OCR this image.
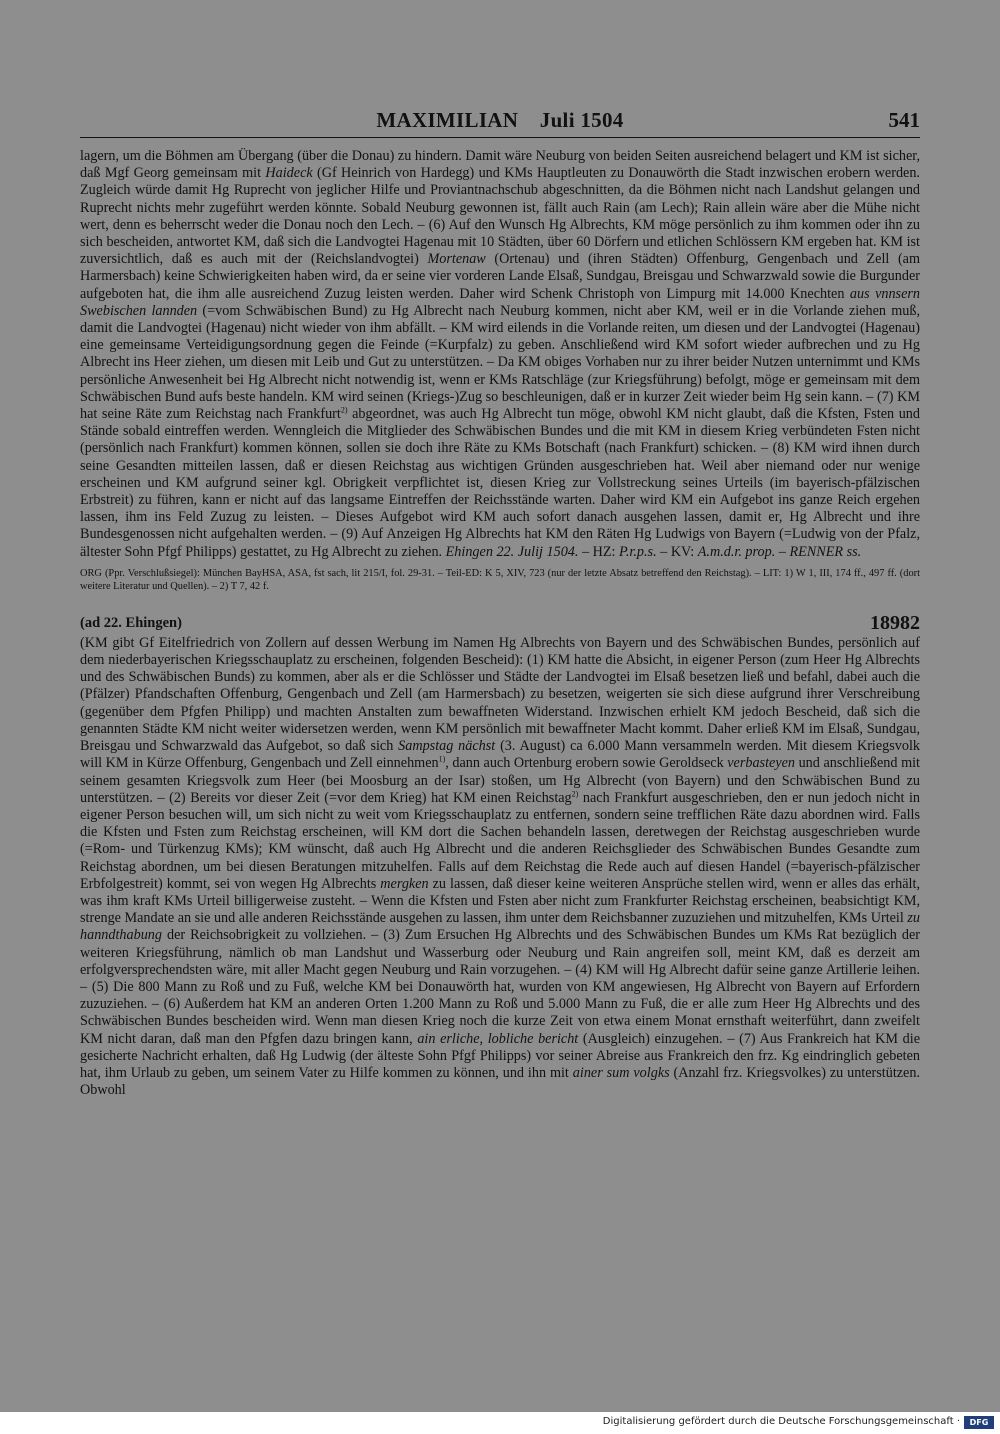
MAXIMILIAN Juli 1504	541

lagern, um die Böhmen am Übergang (über die Donau) zu hindern. Damit wäre Neuburg von beiden Seiten ausreichend belagert und KM ist sicher, daß Mgf Georg gemeinsam mit Haideck (Gf Heinrich von Hardegg) und KMs Hauptleuten zu Donauwörth die Stadt inzwischen erobern werden. Zugleich würde damit Hg Ruprecht von jeglicher Hilfe und Proviantnachschub abgeschnitten, da die Böhmen nicht nach Landshut gelangen und Ruprecht nichts mehr zugeführt werden könnte. Sobald Neuburg gewonnen ist, fällt auch Rain (am Lech); Rain allein wäre aber die Mühe nicht wert, denn es beherrscht weder die Donau noch den Lech. – (6) Auf den Wunsch Hg Albrechts, KM möge persönlich zu ihm kommen oder ihn zu sich bescheiden, antwortet KM, daß sich die Landvogtei Hagenau mit 10 Städten, über 60 Dörfern und etlichen Schlössern KM ergeben hat. KM ist zuversichtlich, daß es auch mit der (Reichslandvogtei) Mortenaw (Ortenau) und (ihren Städten) Offenburg, Gengenbach und Zell (am Harmersbach) keine Schwierigkeiten haben wird, da er seine vier vorderen Lande Elsaß, Sundgau, Breisgau und Schwarzwald sowie die Burgunder aufgeboten hat, die ihm alle ausreichend Zuzug leisten werden. Daher wird Schenk Christoph von Limpurg mit 14.000 Knechten aus vnnsern Swebischen lannden (=vom Schwäbischen Bund) zu Hg Albrecht nach Neuburg kommen, nicht aber KM, weil er in die Vorlande ziehen muß, damit die Landvogtei (Hagenau) nicht wieder von ihm abfällt. – KM wird eilends in die Vorlande reiten, um diesen und der Landvogtei (Hagenau) eine gemeinsame Verteidigungsordnung gegen die Feinde (=Kurpfalz) zu geben. Anschließend wird KM sofort wieder aufbrechen und zu Hg Albrecht ins Heer ziehen, um diesen mit Leib und Gut zu unterstützen. – Da KM obiges Vorhaben nur zu ihrer beider Nutzen unternimmt und KMs persönliche Anwesenheit bei Hg Albrecht nicht notwendig ist, wenn er KMs Ratschläge (zur Kriegsführung) befolgt, möge er gemeinsam mit dem Schwäbischen Bund aufs beste handeln. KM wird seinen (Kriegs-)Zug so beschleunigen, daß er in kurzer Zeit wieder beim Hg sein kann. – (7) KM hat seine Räte zum Reichstag nach Frankfurt$^{2)}$ abgeordnet, was auch Hg Albrecht tun möge, obwohl KM nicht glaubt, daß die Kfsten, Fsten und Stände sobald eintreffen werden. Wenngleich die Mitglieder des Schwäbischen Bundes und die mit KM in diesem Krieg verbündeten Fsten nicht (persönlich nach Frankfurt) kommen können, sollen sie doch ihre Räte zu KMs Botschaft (nach Frankfurt) schicken. – (8) KM wird ihnen durch seine Gesandten mitteilen lassen, daß er diesen Reichstag aus wichtigen Gründen ausgeschrieben hat. Weil aber niemand oder nur wenige erscheinen und KM aufgrund seiner kgl. Obrigkeit verpflichtet ist, diesen Krieg zur Vollstreckung seines Urteils (im bayerisch-pfälzischen Erbstreit) zu führen, kann er nicht auf das langsame Eintreffen der Reichsstände warten. Daher wird KM ein Aufgebot ins ganze Reich ergehen lassen, ihm ins Feld Zuzug zu leisten. – Dieses Aufgebot wird KM auch sofort danach ausgehen lassen, damit er, Hg Albrecht und ihre Bundesgenossen nicht aufgehalten werden. – (9) Auf Anzeigen Hg Albrechts hat KM den Räten Hg Ludwigs von Bayern (=Ludwig von der Pfalz, ältester Sohn Pfgf Philipps) gestattet, zu Hg Albrecht zu ziehen. Ehingen 22. Julij 1504. – HZ: P.r.p.s. – KV: A.m.d.r. prop. – RENNER ss.

ORG (Ppr. Verschlußsiegel): München BayHSA, ASA, fst sach, lit 215/I, fol. 29-31. – Teil-ED: K 5, XIV, 723 (nur der letzte Absatz betreffend den Reichstag). – LIT: 1) W 1, III, 174 ff., 497 ff. (dort weitere Literatur und Quellen). – 2) T 7, 42 f.

(ad 22. Ehingen)	18982

(KM gibt Gf Eitelfriedrich von Zollern auf dessen Werbung im Namen Hg Albrechts von Bayern und des Schwäbischen Bundes, persönlich auf dem niederbayerischen Kriegsschauplatz zu erscheinen, folgenden Bescheid): (1) KM hatte die Absicht, in eigener Person (zum Heer Hg Albrechts und des Schwäbischen Bunds) zu kommen, aber als er die Schlösser und Städte der Landvogtei im Elsaß besetzen ließ und befahl, dabei auch die (Pfälzer) Pfandschaften Offenburg, Gengenbach und Zell (am Harmersbach) zu besetzen, weigerten sie sich diese aufgrund ihrer Verschreibung (gegenüber dem Pfgfen Philipp) und machten Anstalten zum bewaffneten Widerstand. Inzwischen erhielt KM jedoch Bescheid, daß sich die genannten Städte KM nicht weiter widersetzen werden, wenn KM persönlich mit bewaffneter Macht kommt. Daher erließ KM im Elsaß, Sundgau, Breisgau und Schwarzwald das Aufgebot, so daß sich Sampstag nächst (3. August) ca 6.000 Mann versammeln werden. Mit diesem Kriegsvolk will KM in Kürze Offenburg, Gengenbach und Zell einnehmen$^{1)}$, dann auch Ortenburg erobern sowie Geroldseck verbasteyen und anschließend mit seinem gesamten Kriegsvolk zum Heer (bei Moosburg an der Isar) stoßen, um Hg Albrecht (von Bayern) und den Schwäbischen Bund zu unterstützen. – (2) Bereits vor dieser Zeit (=vor dem Krieg) hat KM einen Reichstag$^{2)}$ nach Frankfurt ausgeschrieben, den er nun jedoch nicht in eigener Person besuchen will, um sich nicht zu weit vom Kriegsschauplatz zu entfernen, sondern seine trefflichen Räte dazu abordnen wird. Falls die Kfsten und Fsten zum Reichstag erscheinen, will KM dort die Sachen behandeln lassen, deretwegen der Reichstag ausgeschrieben wurde (=Rom- und Türkenzug KMs); KM wünscht, daß auch Hg Albrecht und die anderen Reichsglieder des Schwäbischen Bundes Gesandte zum Reichstag abordnen, um bei diesen Beratungen mitzuhelfen. Falls auf dem Reichstag die Rede auch auf diesen Handel (=bayerisch-pfälzischer Erbfolgestreit) kommt, sei von wegen Hg Albrechts mergken zu lassen, daß dieser keine weiteren Ansprüche stellen wird, wenn er alles das erhält, was ihm kraft KMs Urteil billigerweise zusteht. – Wenn die Kfsten und Fsten aber nicht zum Frankfurter Reichstag erscheinen, beabsichtigt KM, strenge Mandate an sie und alle anderen Reichsstände ausgehen zu lassen, ihm unter dem Reichsbanner zuzuziehen und mitzuhelfen, KMs Urteil zu hanndthabung der Reichsobrigkeit zu vollziehen. – (3) Zum Ersuchen Hg Albrechts und des Schwäbischen Bundes um KMs Rat bezüglich der weiteren Kriegsführung, nämlich ob man Landshut und Wasserburg oder Neuburg und Rain angreifen soll, meint KM, daß es derzeit am erfolgversprechendsten wäre, mit aller Macht gegen Neuburg und Rain vorzugehen. – (4) KM will Hg Albrecht dafür seine ganze Artillerie leihen. – (5) Die 800 Mann zu Roß und zu Fuß, welche KM bei Donauwörth hat, wurden von KM angewiesen, Hg Albrecht von Bayern auf Erfordern zuzuziehen. – (6) Außerdem hat KM an anderen Orten 1.200 Mann zu Roß und 5.000 Mann zu Fuß, die er alle zum Heer Hg Albrechts und des Schwäbischen Bundes bescheiden wird. Wenn man diesen Krieg noch die kurze Zeit von etwa einem Monat ernsthaft weiterführt, dann zweifelt KM nicht daran, daß man den Pfgfen dazu bringen kann, ain erliche, lobliche bericht (Ausgleich) einzugehen. – (7) Aus Frankreich hat KM die gesicherte Nachricht erhalten, daß Hg Ludwig (der älteste Sohn Pfgf Philipps) vor seiner Abreise aus Frankreich den frz. Kg eindringlich gebeten hat, ihm Urlaub zu geben, um seinem Vater zu Hilfe kommen zu können, und ihn mit ainer sum volgks (Anzahl frz. Kriegsvolkes) zu unterstützen. Obwohl

Digitalisierung gefördert durch die Deutsche Forschungsgemeinschaft ·	DFG
